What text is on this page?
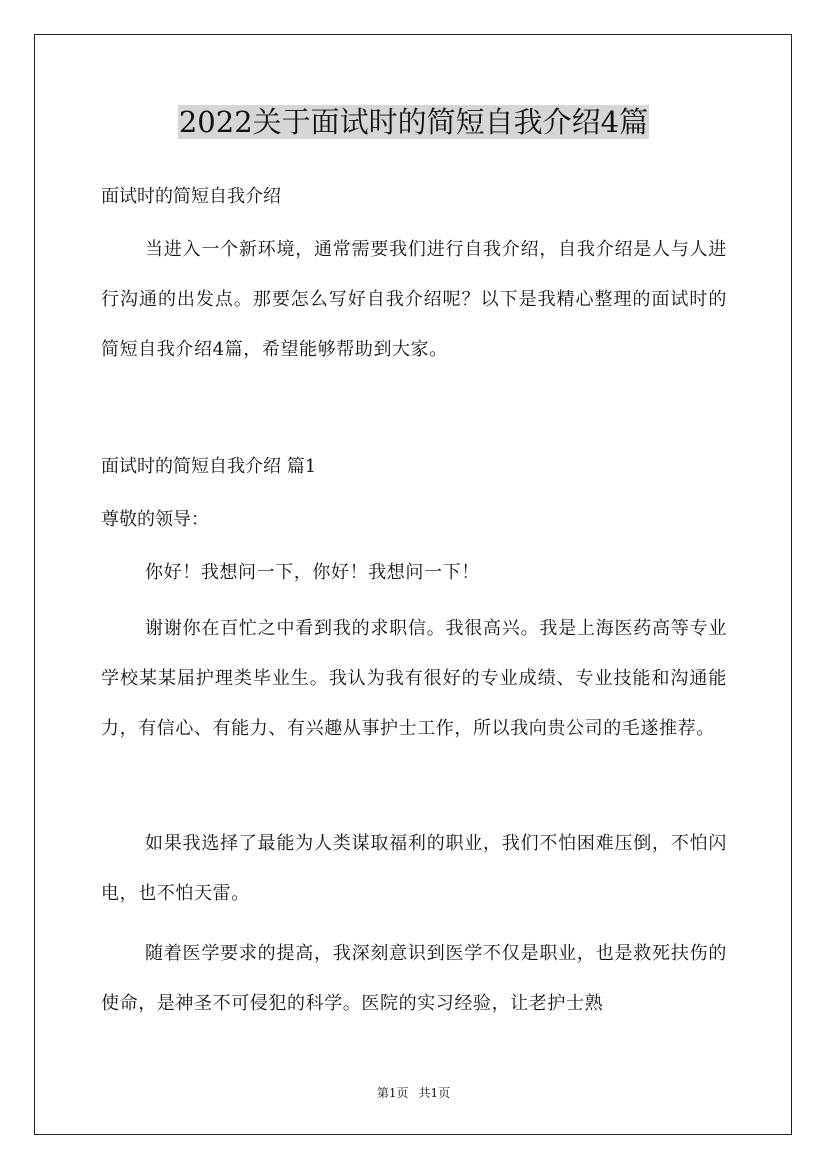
2022关于面试时的简短自我介绍4篇

面试时的简短自我介绍

当进入一个新环境，通常需要我们进行自我介绍，自我介绍是人与人进行沟通的出发点。那要怎么写好自我介绍呢？以下是我精心整理的面试时的简短自我介绍4篇，希望能够帮助到大家。

面试时的简短自我介绍 篇1

尊敬的领导：

你好！我想问一下，你好！我想问一下！

谢谢你在百忙之中看到我的求职信。我很高兴。我是上海医药高等专业学校某某届护理类毕业生。我认为我有很好的专业成绩、专业技能和沟通能力，有信心、有能力、有兴趣从事护士工作，所以我向贵公司的毛遂推荐。

如果我选择了最能为人类谋取福利的职业，我们不怕困难压倒，不怕闪电，也不怕天雷。

随着医学要求的提高，我深刻意识到医学不仅是职业，也是救死扶伤的使命，是神圣不可侵犯的科学。医院的实习经验，让老护士熟

第1页 共1页
